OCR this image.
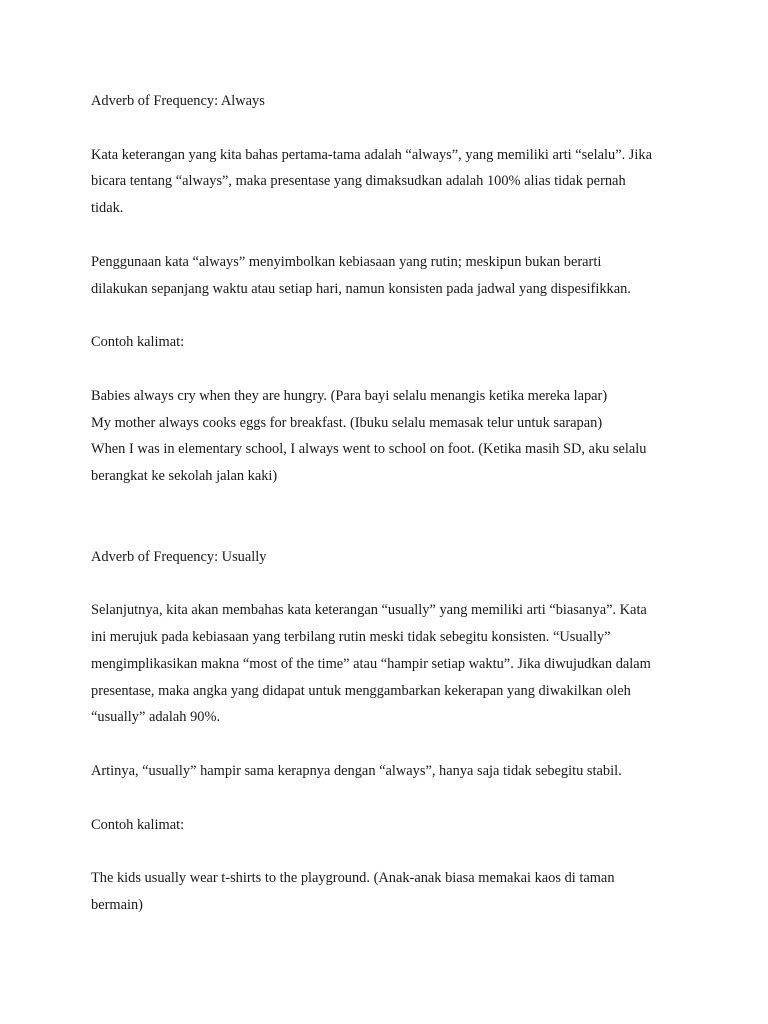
Adverb of Frequency: Always

Kata keterangan yang kita bahas pertama-tama adalah “always”, yang memiliki arti “selalu”. Jika
bicara tentang “always”, maka presentase yang dimaksudkan adalah 100% alias tidak pernah
tidak.

Penggunaan kata “always” menyimbolkan kebiasaan yang rutin; meskipun bukan berarti
dilakukan sepanjang waktu atau setiap hari, namun konsisten pada jadwal yang dispesifikkan.

Contoh kalimat:

Babies always cry when they are hungry. (Para bayi selalu menangis ketika mereka lapar)
My mother always cooks eggs for breakfast. (Ibuku selalu memasak telur untuk sarapan)
When I was in elementary school, I always went to school on foot. (Ketika masih SD, aku selalu
berangkat ke sekolah jalan kaki)

Adverb of Frequency: Usually

Selanjutnya, kita akan membahas kata keterangan “usually” yang memiliki arti “biasanya”. Kata
ini merujuk pada kebiasaan yang terbilang rutin meski tidak sebegitu konsisten. “Usually”
mengimplikasikan makna “most of the time” atau “hampir setiap waktu”. Jika diwujudkan dalam
presentase, maka angka yang didapat untuk menggambarkan kekerapan yang diwakilkan oleh
“usually” adalah 90%.

Artinya, “usually” hampir sama kerapnya dengan “always”, hanya saja tidak sebegitu stabil.

Contoh kalimat:

The kids usually wear t-shirts to the playground. (Anak-anak biasa memakai kaos di taman
bermain)
